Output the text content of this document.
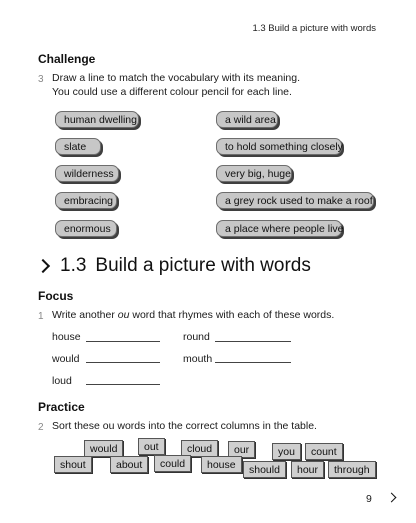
1.3 Build a picture with words
Challenge
3 Draw a line to match the vocabulary with its meaning.
You could use a different colour pencil for each line.
human dwelling
slate
wilderness
embracing
enormous
a wild area
to hold something closely
very big, huge
a grey rock used to make a roof
a place where people live
1.3 Build a picture with words
Focus
1 Write another ou word that rhymes with each of these words.
house	round
would	mouth
loud
Practice
2 Sort these ou words into the correct columns in the table.
would	out	cloud	our	you	count
shout	about	could	house	should	hour	through
9
